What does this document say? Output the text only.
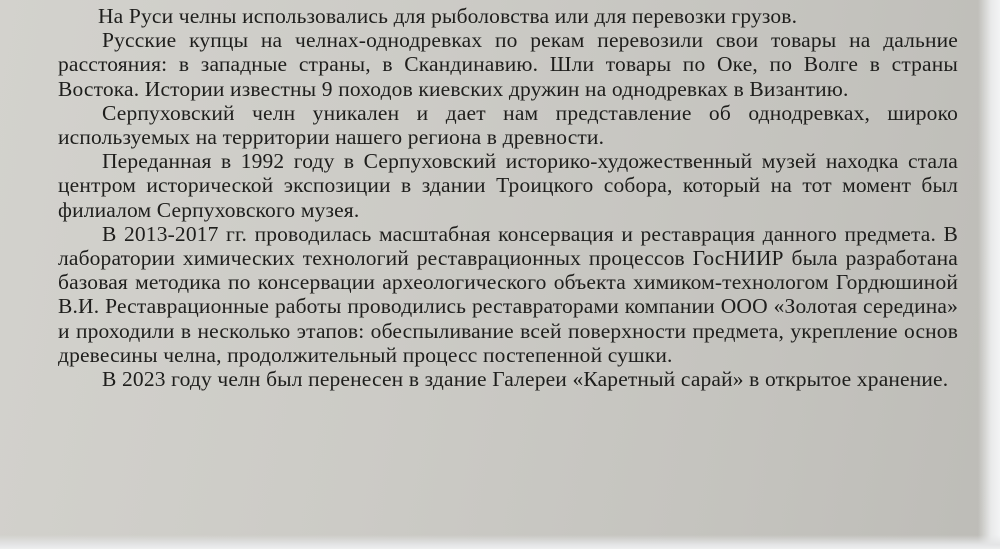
На Руси челны использовались для рыболовства или для перевозки грузов.

Русские купцы на челнах-однодревках по рекам перевозили свои товары на дальние расстояния: в западные страны, в Скандинавию. Шли товары по Оке, по Волге в страны Востока. Истории известны 9 походов киевских дружин на однодревках в Византию.

Серпуховский челн уникален и дает нам представление об однодревках, широко используемых на территории нашего региона в древности.

Переданная в 1992 году в Серпуховский историко-художественный музей находка стала центром исторической экспозиции в здании Троицкого собора, который на тот момент был филиалом Серпуховского музея.

В 2013-2017 гг. проводилась масштабная консервация и реставрация данного предмета. В лаборатории химических технологий реставрационных процессов ГосНИИР была разработана базовая методика по консервации археологического объекта химиком-технологом Гордюшиной В.И. Реставрационные работы проводились реставраторами компании ООО «Золотая середина» и проходили в несколько этапов: обеспыливание всей поверхности предмета, укрепление основ древесины челна, продолжительный процесс постепенной сушки.

В 2023 году челн был перенесен в здание Галереи «Каретный сарай» в открытое хранение.
